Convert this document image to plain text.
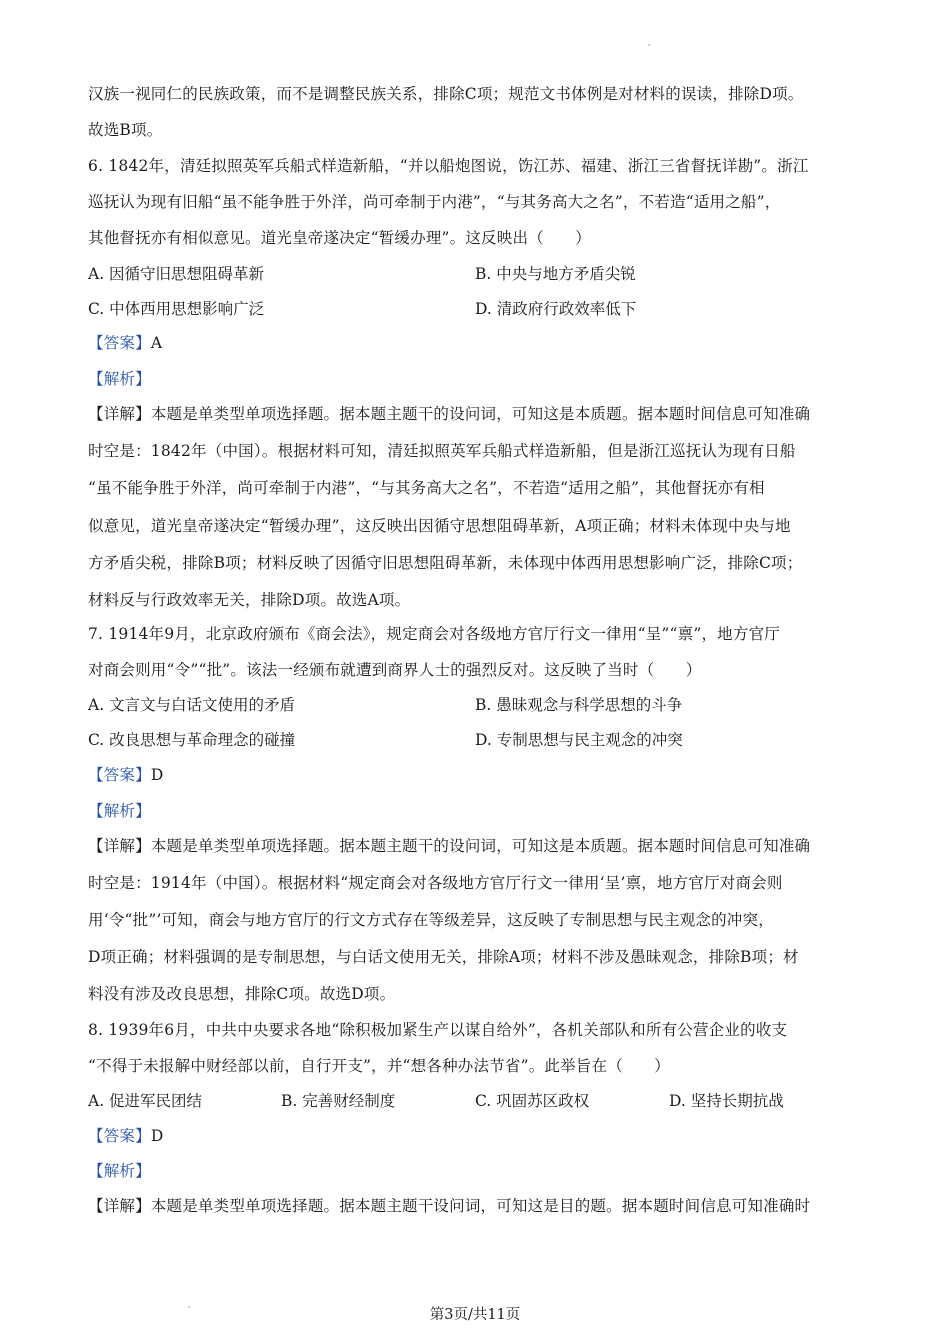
汉族一视同仁的民族政策，而不是调整民族关系，排除C项；规范文书体例是对材料的误读，排除D项。
故选B项。
6. 1842年，清廷拟照英军兵船式样造新船，“并以船炮图说，饬江苏、福建、浙江三省督抚详勘”。浙江
巡抚认为现有旧船“虽不能争胜于外洋，尚可牵制于内港”，“与其务高大之名”，不若造“适用之船”，
其他督抚亦有相似意见。道光皇帝遂决定“暂缓办理”。这反映出（　　）
A. 因循守旧思想阻碍革新	B. 中央与地方矛盾尖锐
C. 中体西用思想影响广泛	D. 清政府行政效率低下
【答案】A
【解析】
【详解】本题是单类型单项选择题。据本题主题干的设问词，可知这是本质题。据本题时间信息可知准确
时空是：1842年（中国）。根据材料可知，清廷拟照英军兵船式样造新船，但是浙江巡抚认为现有日船
“虽不能争胜于外洋，尚可牵制于内港”，“与其务高大之名”，不若造“适用之船”，其他督抚亦有相
似意见，道光皇帝遂决定“暂缓办理”，这反映出因循守思想阻碍革新，A项正确；材料未体现中央与地
方矛盾尖税，排除B项；材料反映了因循守旧思想阻碍革新，未体现中体西用思想影响广泛，排除C项；
材料反与行政效率无关，排除D项。故选A项。
7. 1914年9月，北京政府颁布《商会法》，规定商会对各级地方官厅行文一律用“呈”“禀”，地方官厅
对商会则用“令”“批”。该法一经颁布就遭到商界人士的强烈反对。这反映了当时（　　）
A. 文言文与白话文使用的矛盾	B. 愚昧观念与科学思想的斗争
C. 改良思想与革命理念的碰撞	D. 专制思想与民主观念的冲突
【答案】D
【解析】
【详解】本题是单类型单项选择题。据本题主题干的设问词，可知这是本质题。据本题时间信息可知准确
时空是：1914年（中国）。根据材料“规定商会对各级地方官厅行文一律用‘呈’禀，地方官厅对商会则
用‘令“批”’可知，商会与地方官厅的行文方式存在等级差异，这反映了专制思想与民主观念的冲突，
D项正确；材料强调的是专制思想，与白话文使用无关，排除A项；材料不涉及愚昧观念，排除B项；材
料没有涉及改良思想，排除C项。故选D项。
8. 1939年6月，中共中央要求各地“除积极加紧生产以谋自给外”，各机关部队和所有公营企业的收支
“不得于未报解中财经部以前，自行开支”，并“想各种办法节省”。此举旨在（　　）
A. 促进军民团结	B. 完善财经制度	C. 巩固苏区政权	D. 坚持长期抗战
【答案】D
【解析】
【详解】本题是单类型单项选择题。据本题主题干设问词，可知这是目的题。据本题时间信息可知准确时
第3页/共11页
